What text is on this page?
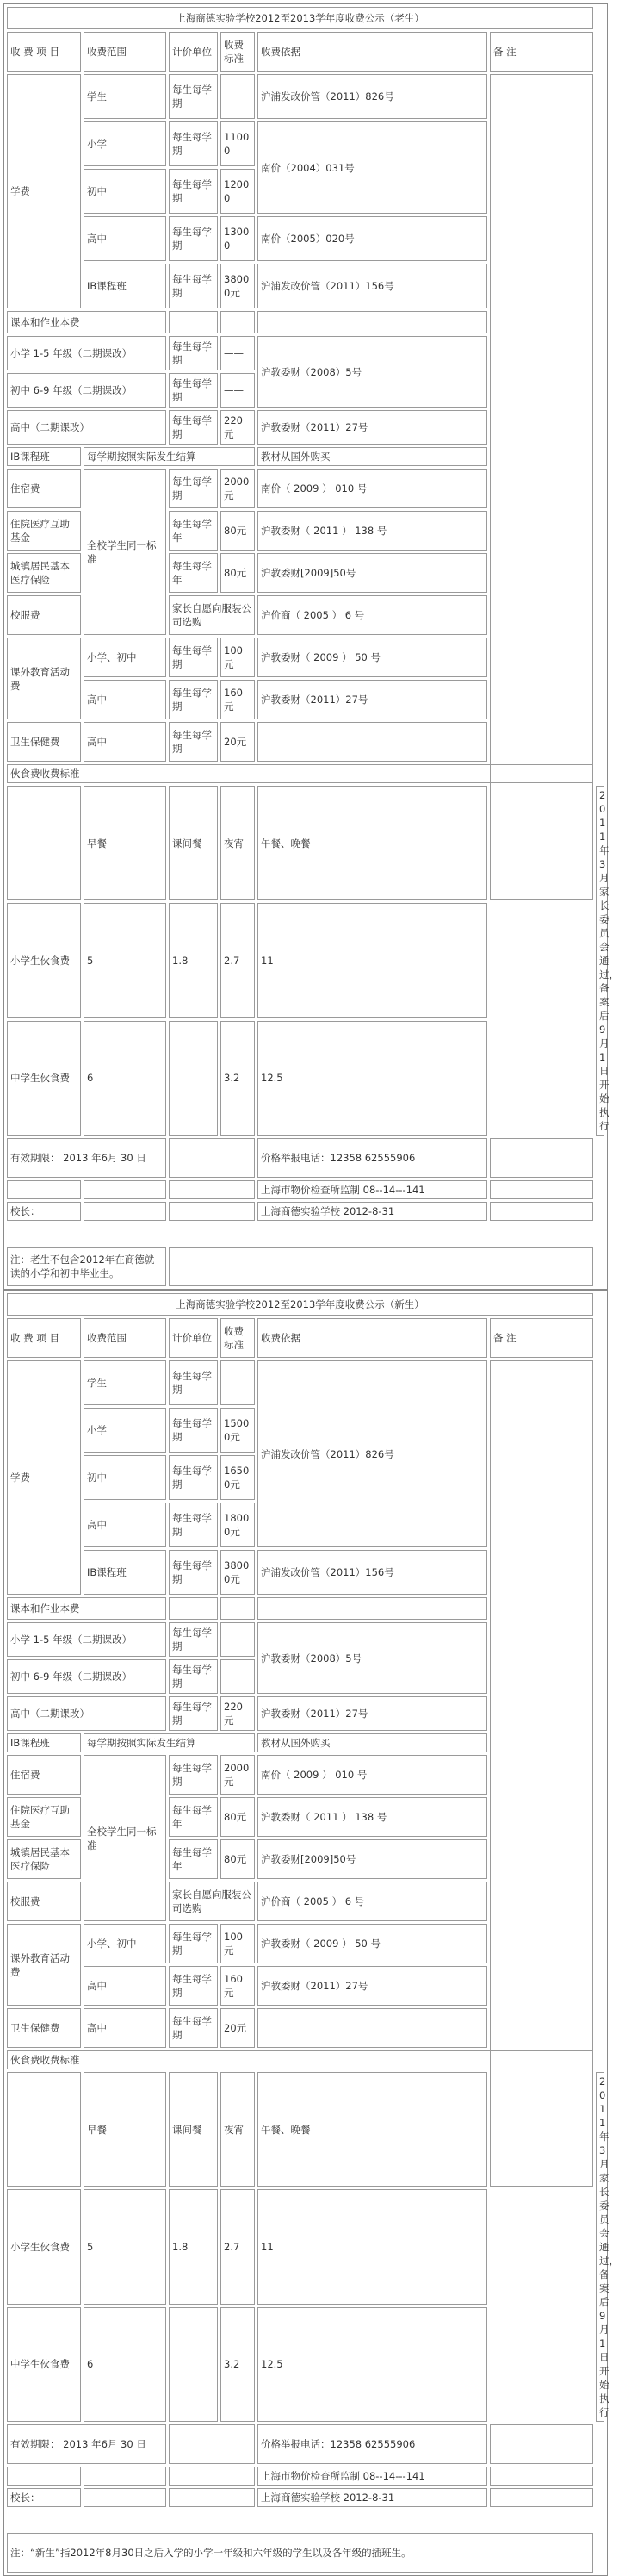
上海商德实验学校2012至2013学年度收费公示（老生）						
收 费 项 目	收费范围	计价单位	收费标准	收费依据	备 注	
学费	学生	每生每学期		沪浦发改价管（2011）826号		
	小学	每生每学期	11000	南价（2004）031号		
	初中	每生每学期	12000			
	高中	每生每学期	13000	南价（2005）020号		
	IB课程班	每生每学期	38000元	沪浦发改价管（2011）156号		
课本和作业本费						
小学 1-5 年级（二期课改）		每生每学期	——	沪教委财（2008）5号		
初中 6-9 年级（二期课改）		每生每学期	——			
高中（二期课改）		每生每学期	220元	沪教委财（2011）27号		
IB课程班	每学期按照实际发生结算			教材从国外购买		
住宿费	全校学生同一标准	每生每学期	2000元	南价（ 2009 ） 010 号		
住院医疗互助基金		每生每学年	80元	沪教委财（ 2011 ） 138 号		
城镇居民基本医疗保险		每生每学年	80元	沪教委财[2009]50号		
校服费		家长自愿向服装公司选购		沪价商（ 2005 ） 6 号		
课外教育活动费	小学、初中	每生每学期	100元	沪教委财（ 2009 ） 50 号		
	高中	每生每学期	160元	沪教委财（2011）27号		
卫生保健费	高中	每生每学期	20元			
伙食费收费标准						
	早餐	课间餐	夜宵	午餐、晚餐		2011年3月家长委员会通过，备案后9月1日开始执行
小学生伙食费	5	1.8	2.7	11		
中学生伙食费	6		3.2	12.5		
有效期限： 2013 年6月 30 日				价格举报电话：12358 62555906		
				上海市物价检查所监制 08--14---141		
校长：				上海商德实验学校 2012-8-31		

注：老生不包含2012年在商德就读的小学和初中毕业生。						
上海商德实验学校2012至2013学年度收费公示（新生）						
收 费 项 目	收费范围	计价单位	收费标准	收费依据	备 注	
学费	学生	每生每学期		沪浦发改价管（2011）826号		
	小学	每生每学期	15000元			
	初中	每生每学期	16500元			
	高中	每生每学期	18000元			
	IB课程班	每生每学期	38000元	沪浦发改价管（2011）156号		
课本和作业本费						
小学 1-5 年级（二期课改）		每生每学期	——	沪教委财（2008）5号		
初中 6-9 年级（二期课改）		每生每学期	——			
高中（二期课改）		每生每学期	220元	沪教委财（2011）27号		
IB课程班	每学期按照实际发生结算			教材从国外购买		
住宿费	全校学生同一标准	每生每学期	2000元	南价（ 2009 ） 010 号		
住院医疗互助基金		每生每学年	80元	沪教委财（ 2011 ） 138 号		
城镇居民基本医疗保险		每生每学年	80元	沪教委财[2009]50号		
校服费		家长自愿向服装公司选购		沪价商（ 2005 ） 6 号		
课外教育活动费	小学、初中	每生每学期	100元	沪教委财（ 2009 ） 50 号		
	高中	每生每学期	160元	沪教委财（2011）27号		
卫生保健费	高中	每生每学期	20元			
伙食费收费标准						
	早餐	课间餐	夜宵	午餐、晚餐		2011年3月家长委员会通过，备案后9月1日开始执行
小学生伙食费	5	1.8	2.7	11		
中学生伙食费	6		3.2	12.5		
有效期限： 2013 年6月 30 日				价格举报电话：12358 62555906		
				上海市物价检查所监制 08--14---141		
校长：				上海商德实验学校 2012-8-31		

注：“新生”指2012年8月30日之后入学的小学一年级和六年级的学生以及各年级的插班生。						
